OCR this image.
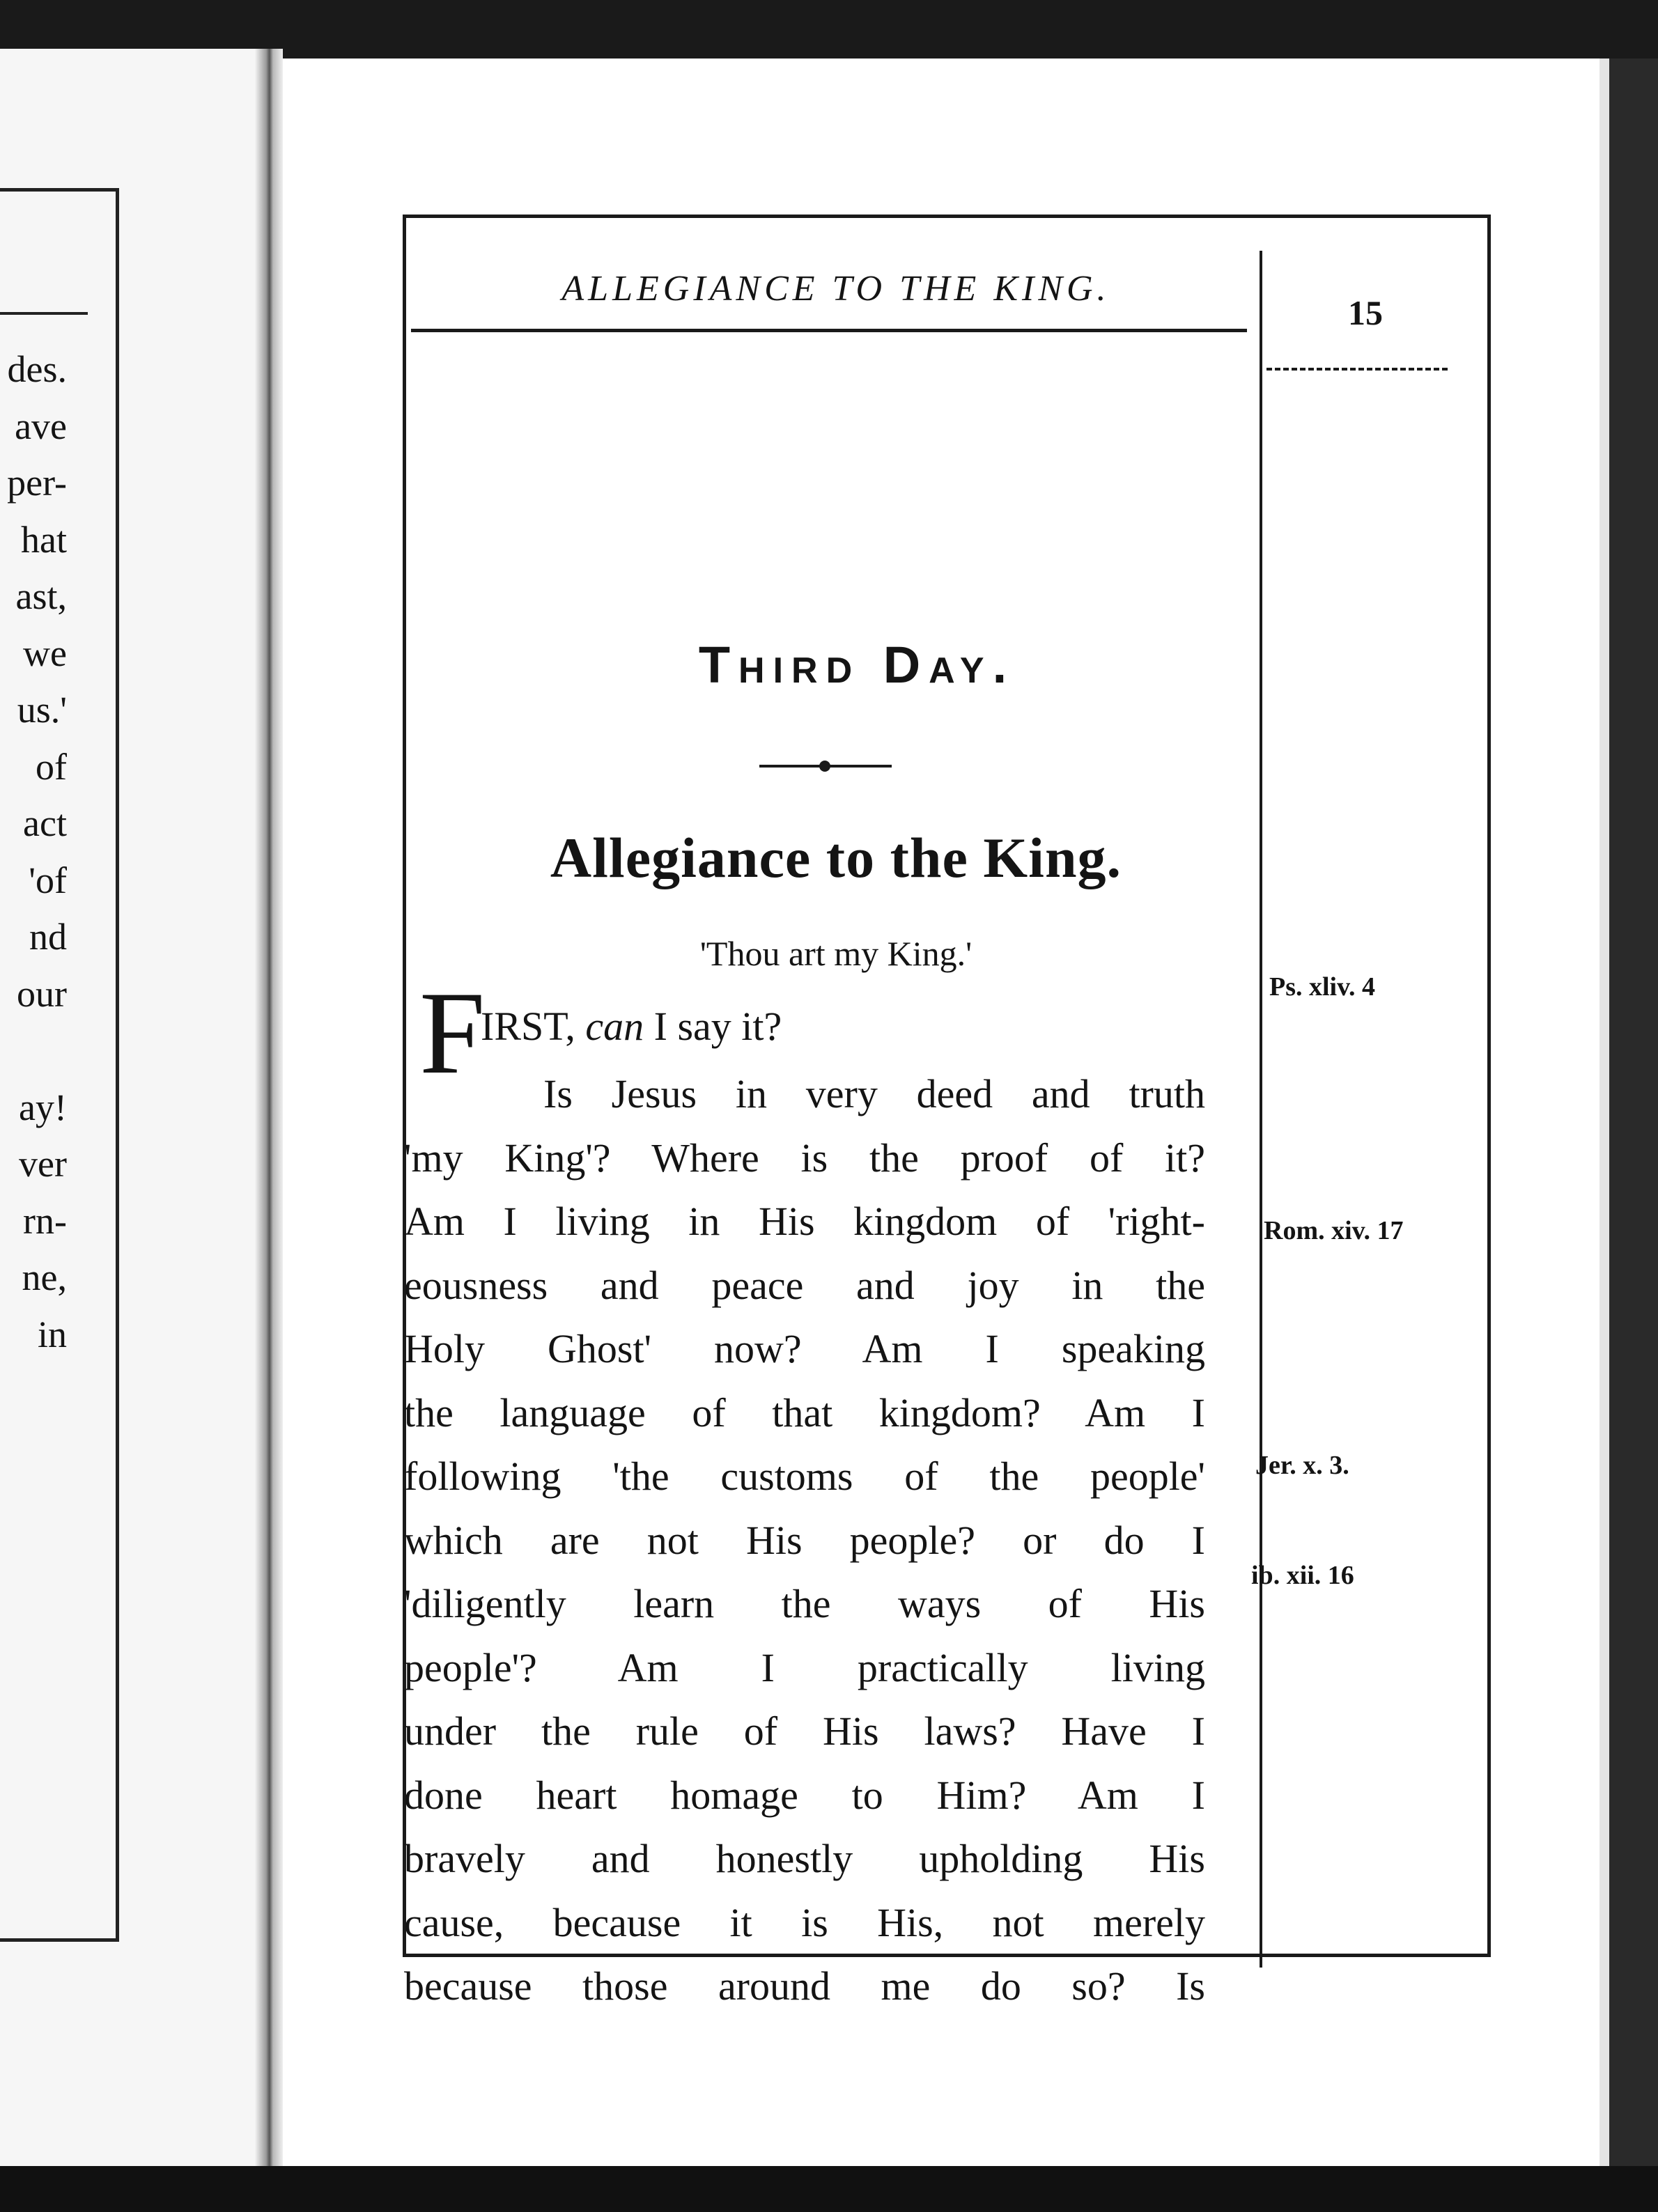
des.
ave
per-
hat
ast,
we
us.'
of
act
'of
nd
our
ay!
ver
rn-
ne,
in
ALLEGIANCE TO THE KING.
15
Third Day.
Allegiance to the King.
'Thou art my King.'
F
IRST, can I say it?
Is Jesus in very deed and truth
'my King'? Where is the proof of it?
Am I living in His kingdom of 'right-
eousness and peace and joy in the
Holy Ghost' now? Am I speaking
the language of that kingdom? Am I
following 'the customs of the people'
which are not His people? or do I
'diligently learn the ways of His
people'? Am I practically living
under the rule of His laws? Have I
done heart homage to Him? Am I
bravely and honestly upholding His
cause, because it is His, not merely
because those around me do so? Is
Ps. xliv. 4
Rom. xiv. 17
Jer. x. 3.
ib. xii. 16
